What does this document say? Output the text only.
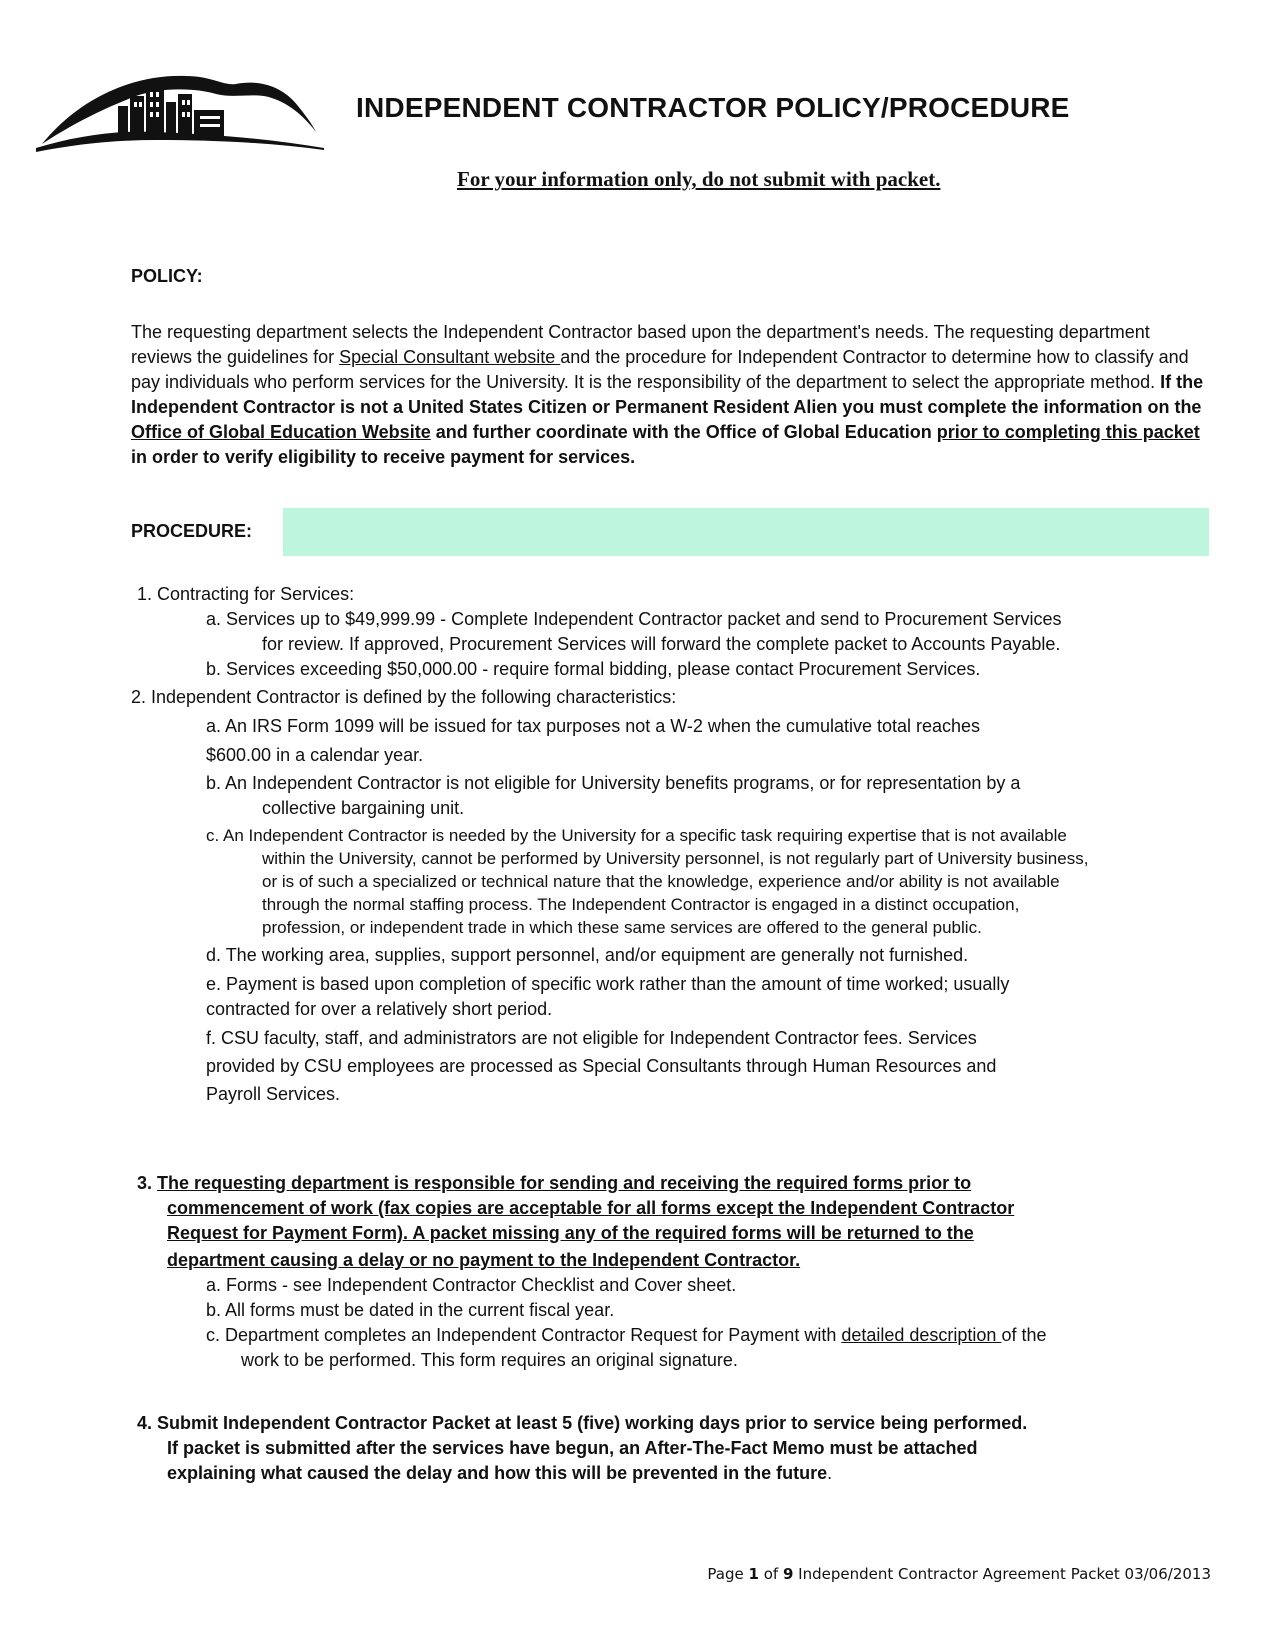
INDEPENDENT CONTRACTOR POLICY/PROCEDURE
For your information only, do not submit with packet.
POLICY:
The requesting department selects the Independent Contractor based upon the department's needs. The requesting department reviews the guidelines for Special Consultant website and the procedure for Independent Contractor to determine how to classify and pay individuals who perform services for the University. It is the responsibility of the department to select the appropriate method. If the Independent Contractor is not a United States Citizen or Permanent Resident Alien you must complete the information on the Office of Global Education Website and further coordinate with the Office of Global Education prior to completing this packet in order to verify eligibility to receive payment for services.
PROCEDURE:
1. Contracting for Services:
a. Services up to $49,999.99 - Complete Independent Contractor packet and send to Procurement Services
for review. If approved, Procurement Services will forward the complete packet to Accounts Payable.
b. Services exceeding $50,000.00 - require formal bidding, please contact Procurement Services.
2. Independent Contractor is defined by the following characteristics:
a. An IRS Form 1099 will be issued for tax purposes not a W-2 when the cumulative total reaches
$600.00 in a calendar year.
b. An Independent Contractor is not eligible for University benefits programs, or for representation by a
collective bargaining unit.
c. An Independent Contractor is needed by the University for a specific task requiring expertise that is not available
within the University, cannot be performed by University personnel, is not regularly part of University business,
or is of such a specialized or technical nature that the knowledge, experience and/or ability is not available
through the normal staffing process. The Independent Contractor is engaged in a distinct occupation,
profession, or independent trade in which these same services are offered to the general public.
d. The working area, supplies, support personnel, and/or equipment are generally not furnished.
e. Payment is based upon completion of specific work rather than the amount of time worked; usually
contracted for over a relatively short period.
f. CSU faculty, staff, and administrators are not eligible for Independent Contractor fees. Services
provided by CSU employees are processed as Special Consultants through Human Resources and
Payroll Services.
3. The requesting department is responsible for sending and receiving the required forms prior to
commencement of work (fax copies are acceptable for all forms except the Independent Contractor
Request for Payment Form). A packet missing any of the required forms will be returned to the
department causing a delay or no payment to the Independent Contractor.
a. Forms - see Independent Contractor Checklist and Cover sheet.
b. All forms must be dated in the current fiscal year.
c. Department completes an Independent Contractor Request for Payment with detailed description of the
work to be performed. This form requires an original signature.
4. Submit Independent Contractor Packet at least 5 (five) working days prior to service being performed.
If packet is submitted after the services have begun, an After-The-Fact Memo must be attached
explaining what caused the delay and how this will be prevented in the future.
Page 1 of 9 Independent Contractor Agreement Packet 03/06/2013
